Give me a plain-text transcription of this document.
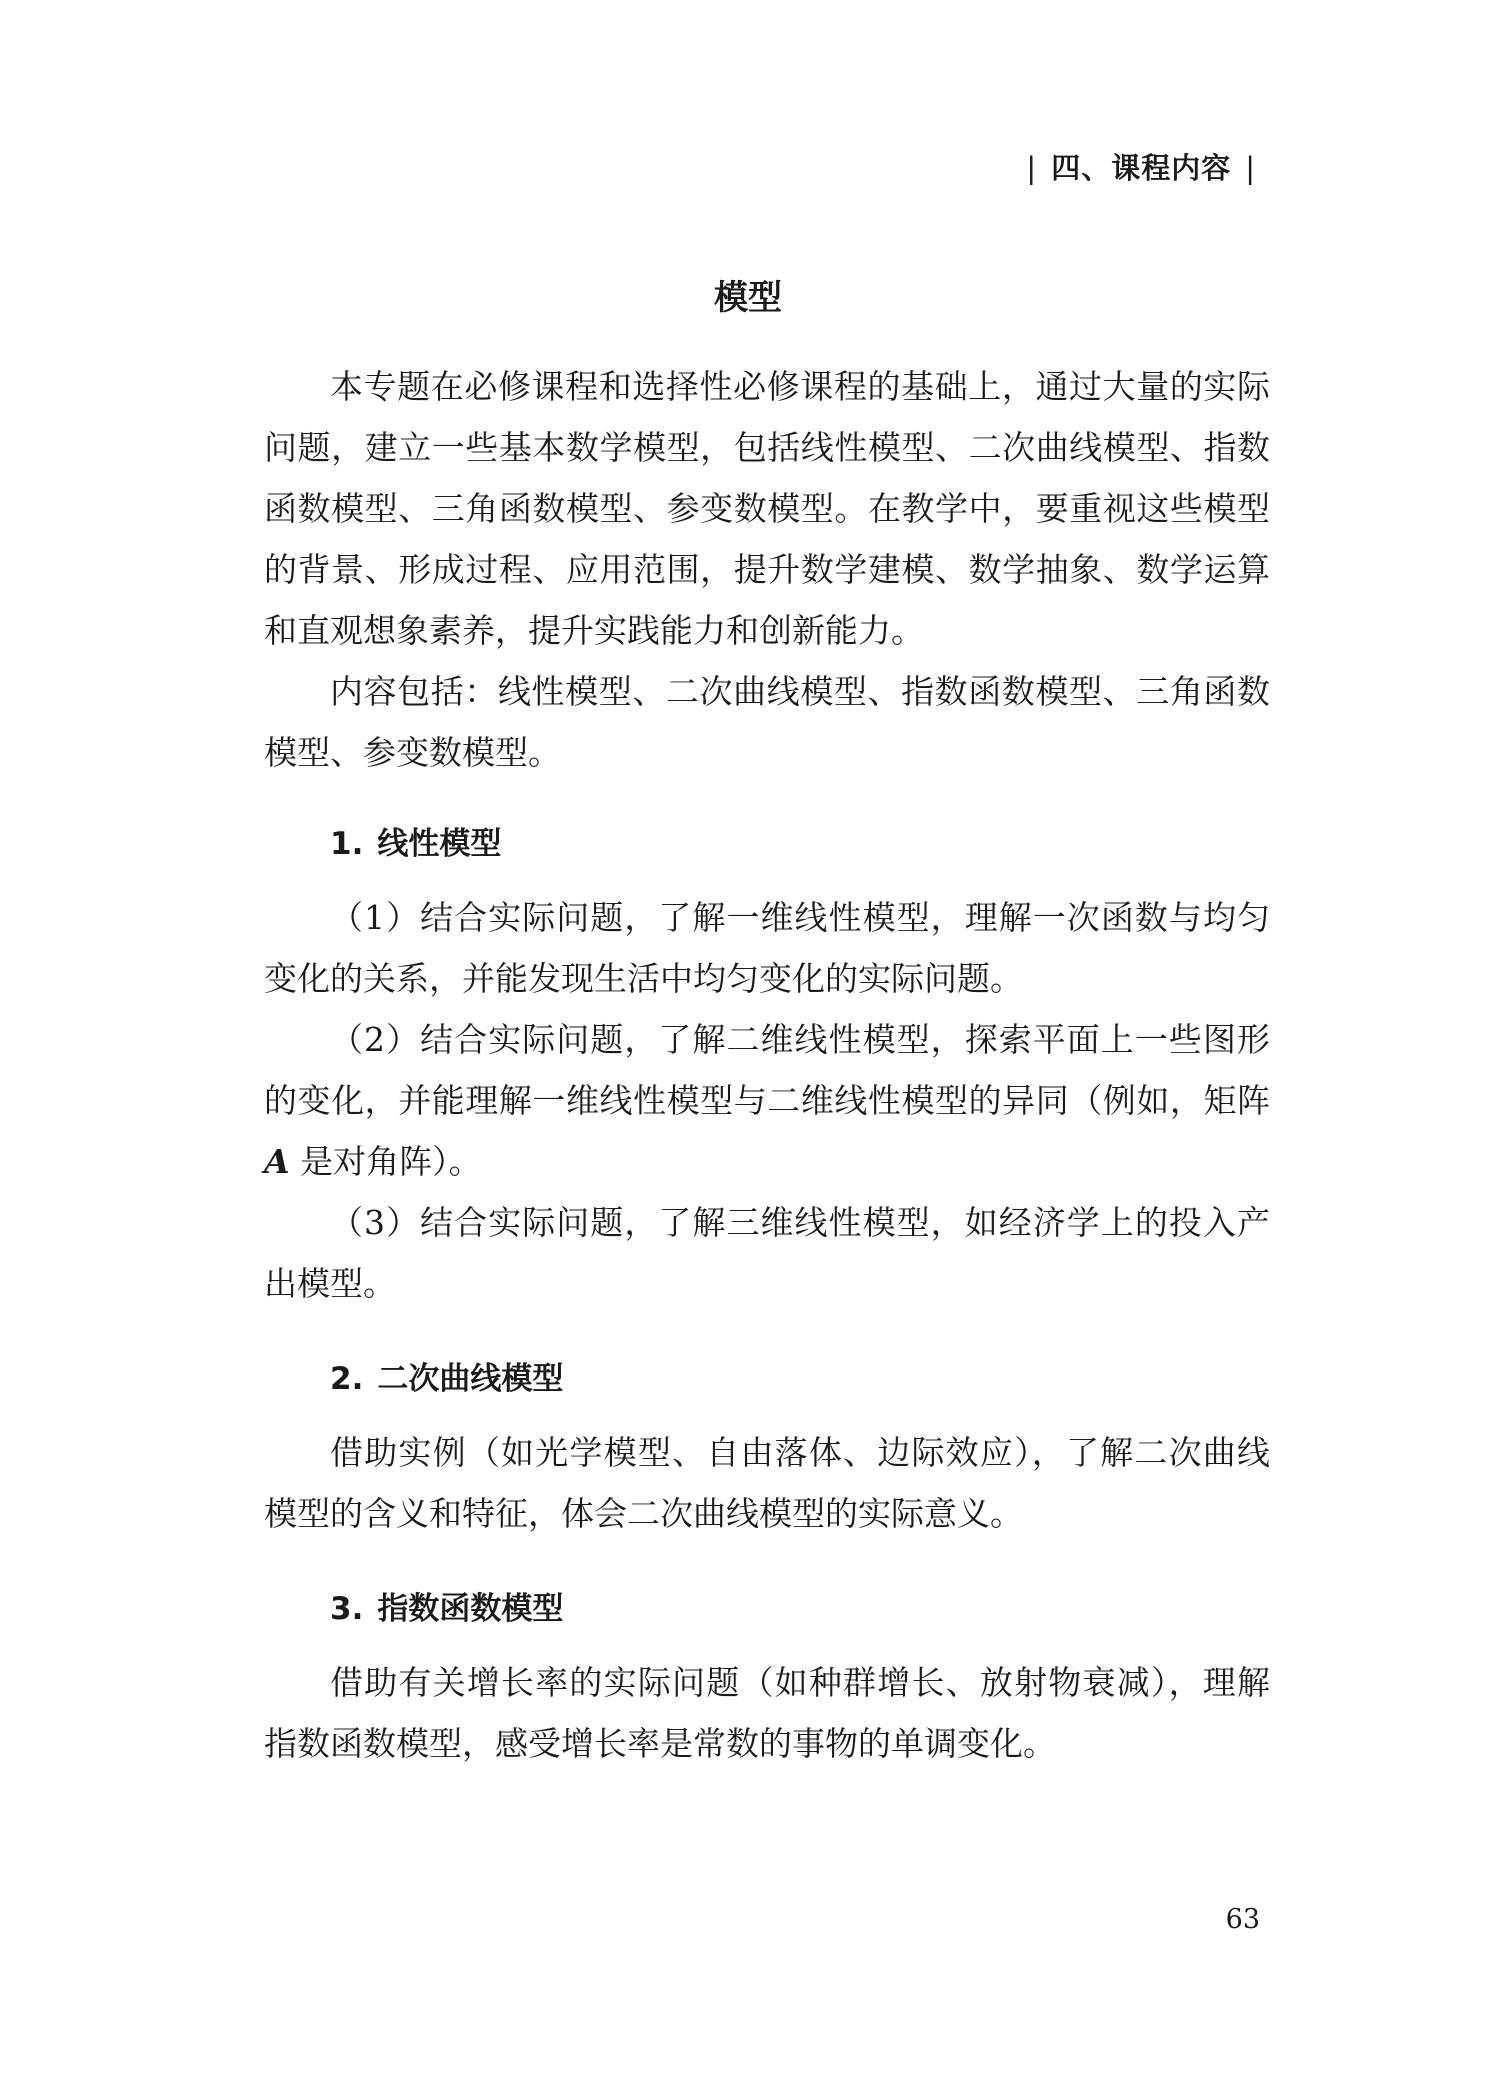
| 四、课程内容 |
模型

本专题在必修课程和选择性必修课程的基础上，通过大量的实际问题，建立一些基本数学模型，包括线性模型、二次曲线模型、指数函数模型、三角函数模型、参变数模型。在教学中，要重视这些模型的背景、形成过程、应用范围，提升数学建模、数学抽象、数学运算和直观想象素养，提升实践能力和创新能力。

内容包括：线性模型、二次曲线模型、指数函数模型、三角函数模型、参变数模型。

1. 线性模型

（1）结合实际问题，了解一维线性模型，理解一次函数与均匀变化的关系，并能发现生活中均匀变化的实际问题。

（2）结合实际问题，了解二维线性模型，探索平面上一些图形的变化，并能理解一维线性模型与二维线性模型的异同（例如，矩阵 A 是对角阵）。

（3）结合实际问题，了解三维线性模型，如经济学上的投入产出模型。

2. 二次曲线模型

借助实例（如光学模型、自由落体、边际效应），了解二次曲线模型的含义和特征，体会二次曲线模型的实际意义。

3. 指数函数模型

借助有关增长率的实际问题（如种群增长、放射物衰减），理解指数函数模型，感受增长率是常数的事物的单调变化。

63
